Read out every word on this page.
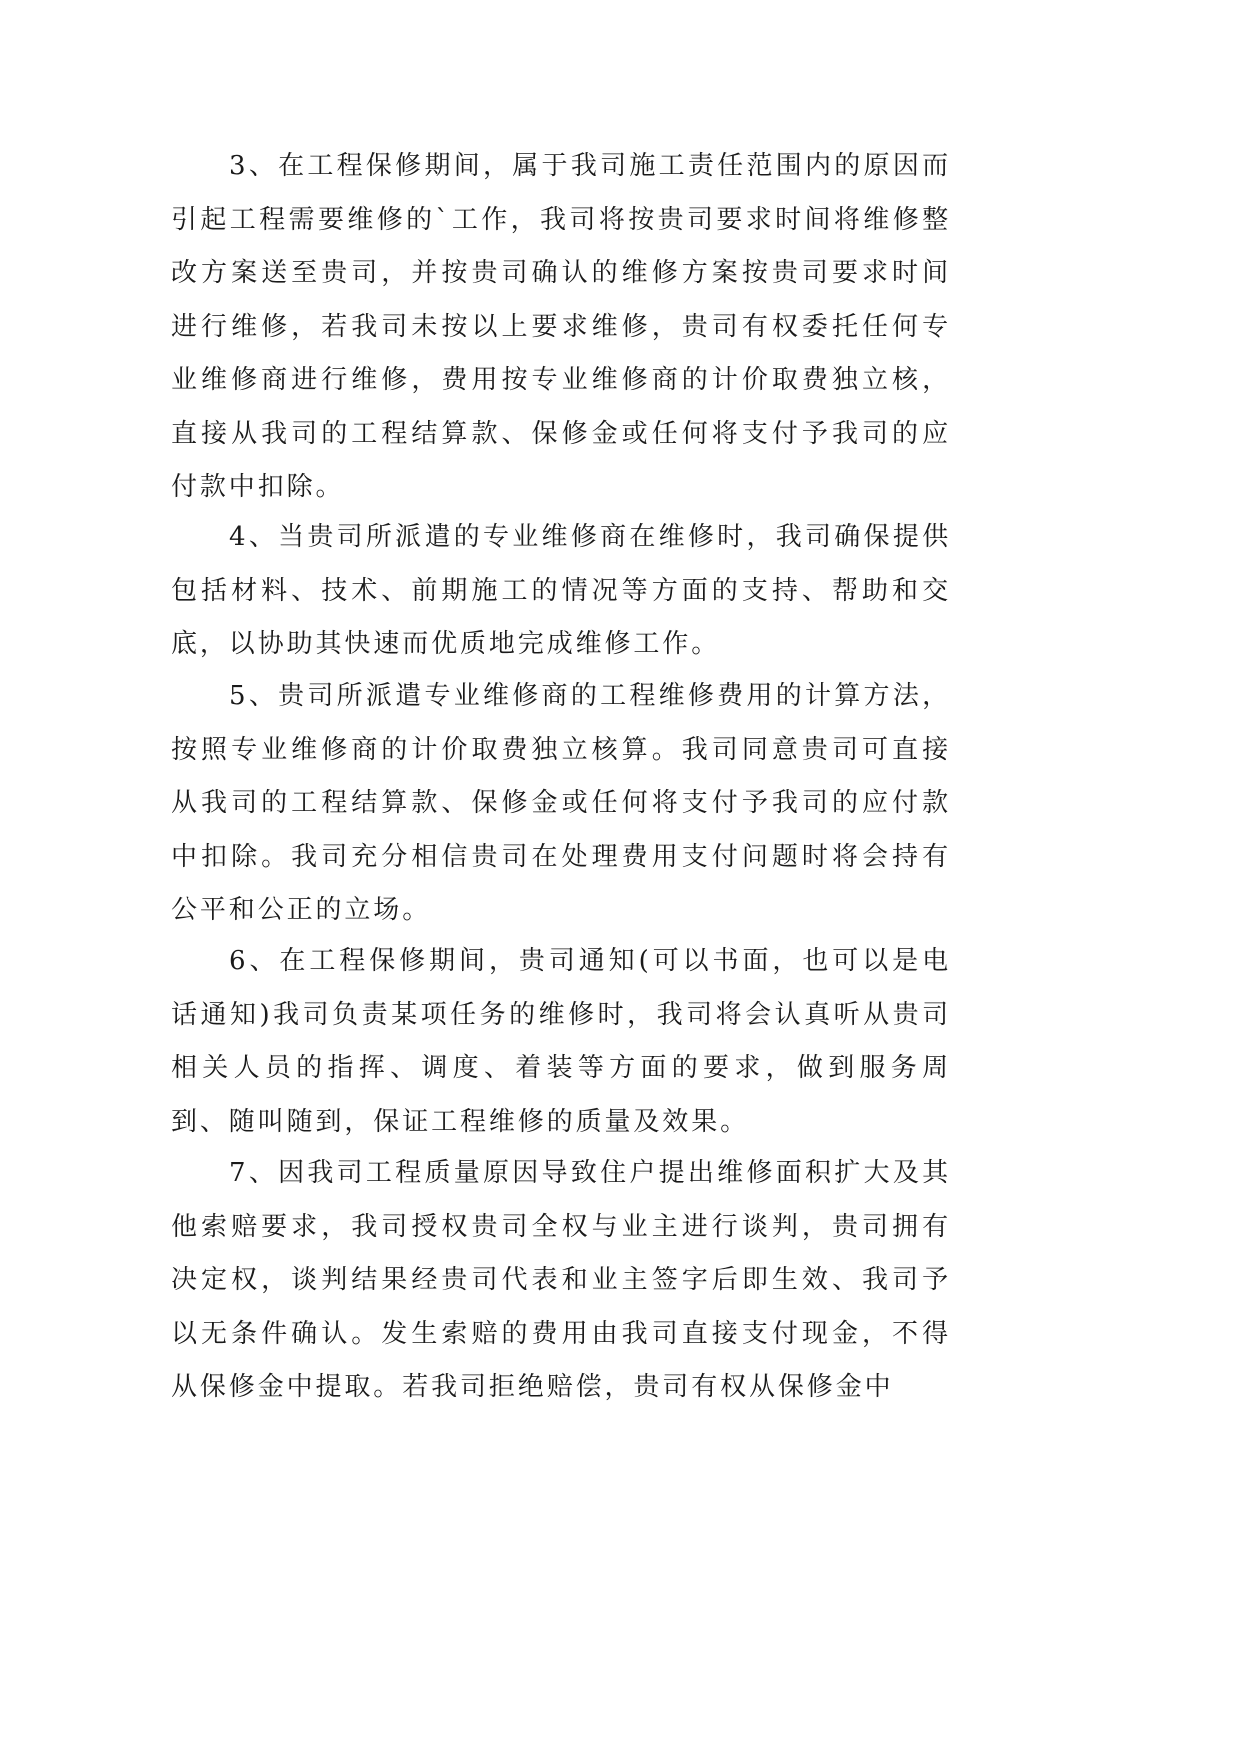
3、在工程保修期间，属于我司施工责任范围内的原因而引起工程需要维修的`工作，我司将按贵司要求时间将维修整改方案送至贵司，并按贵司确认的维修方案按贵司要求时间进行维修，若我司未按以上要求维修，贵司有权委托任何专业维修商进行维修，费用按专业维修商的计价取费独立核，直接从我司的工程结算款、保修金或任何将支付予我司的应付款中扣除。

4、当贵司所派遣的专业维修商在维修时，我司确保提供包括材料、技术、前期施工的情况等方面的支持、帮助和交底，以协助其快速而优质地完成维修工作。

5、贵司所派遣专业维修商的工程维修费用的计算方法，按照专业维修商的计价取费独立核算。我司同意贵司可直接从我司的工程结算款、保修金或任何将支付予我司的应付款中扣除。我司充分相信贵司在处理费用支付问题时将会持有公平和公正的立场。

6、在工程保修期间，贵司通知(可以书面，也可以是电话通知)我司负责某项任务的维修时，我司将会认真听从贵司相关人员的指挥、调度、着装等方面的要求，做到服务周到、随叫随到，保证工程维修的质量及效果。

7、因我司工程质量原因导致住户提出维修面积扩大及其他索赔要求，我司授权贵司全权与业主进行谈判，贵司拥有决定权，谈判结果经贵司代表和业主签字后即生效、我司予以无条件确认。发生索赔的费用由我司直接支付现金，不得从保修金中提取。若我司拒绝赔偿，贵司有权从保修金中
